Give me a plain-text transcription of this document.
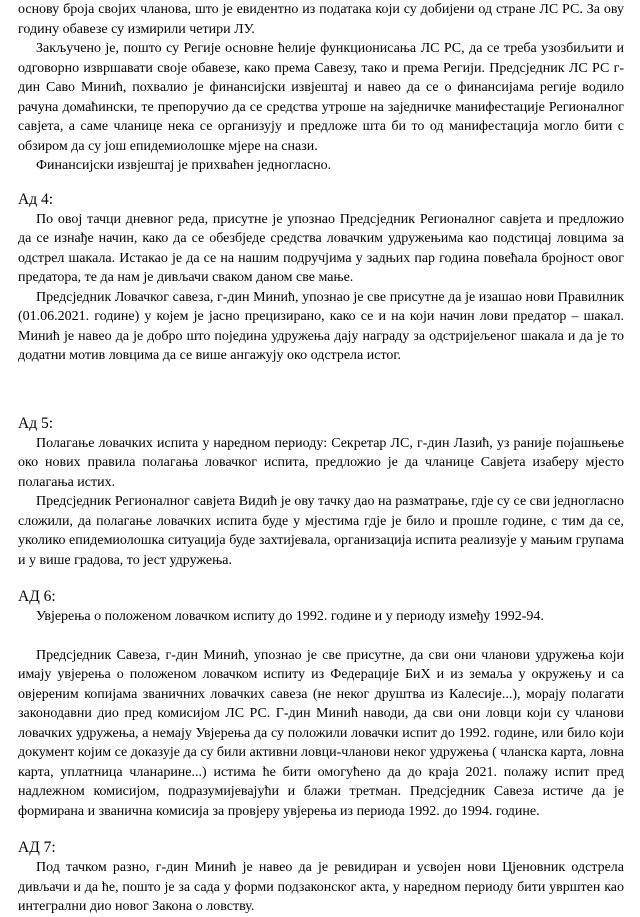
основу броја својих чланова, што је евидентно из података који су добијени од стране ЛС РС. За ову годину обавезе су измирили четири ЛУ.

Закључено је, пошто су Регије основне ћелије функционисања ЛС РС, да се треба узозбиљити и одговорно извршавати своје обавезе, како према Савезу, тако и према Регији. Предсједник ЛС РС г-дин Саво Минић, похвалио је финансијски извјештај и навео да се о финансијама регије водило рачуна домаћински, те препоручио да се средства утроше на заједничке манифестације Регионалног савјета, а саме чланице нека се организују и предложе шта би то од манифестација могло бити с обзиром да су још епидемиолошке мјере на снази.

Финансијски извјештај је прихваћен једногласно.

Ад 4:

По овој тачци дневног реда, присутне је упознао Предсједник Регионалног савјета и предложио да се изнађе начин, како да се обезбједе средства ловачким удружењима као подстицај ловцима за одстрел шакала. Истакао је да се на нашим подручјима у задњих пар година повећала бројност овог предатора, те да нам је дивљачи сваком даном све мање.

Предсједник Ловачког савеза, г-дин Минић, упознао је све присутне да је изашао нови Правилник (01.06.2021. године) у којем је јасно прецизирано, како се и на који начин лови предатор – шакал. Минић је навео да је добро што поједина удружења дају награду за одстријељеног шакала и да је то додатни мотив ловцима да се више ангажују око одстрела истог.

Ад 5:

Полагање ловачких испита у наредном периоду: Секретар ЛС, г-дин Лазић, уз раније појашњење око нових правила полагања ловачког испита, предложио је да чланице Савјета изаберу мјесто полагања истих.

Предсједник Регионалног савјета Видић је ову тачку дао на разматрање, гдје су се сви једногласно сложили, да полагање ловачких испита буде у мјестима гдје је било и прошле године, с тим да се, уколико епидемиолошка ситуација буде захтијевала, организација испита реализује у мањим групама и у више градова, то јест удружења.

АД 6:

Увјерења о положеном ловачком испиту до 1992. године и у периоду између 1992-94.

Предсједник Савеза, г-дин Минић, упознао је све присутне, да сви они чланови удружења који имају увјерења о положеном ловачком испиту из Федерације БиХ и из земаља у окружењу и са овјереним копијама званичних ловачких савеза (не неког друштва из Калесије...), морају полагати законодавни дио пред комисијом ЛС РС. Г-дин Минић наводи, да сви они ловци који су чланови ловачких удружења, а немају Увјерења да су положили ловачки испит до 1992. године, или било који документ којим се доказује да су били активни ловци-чланови неког удружења ( чланска карта, ловна карта, уплатница чланарине...) истима ће бити омогућено да до краја 2021. полажу испит пред надлежном комисијом, подразумијевајући и блажи третман. Предсједник Савеза истиче да је формирана и званична комисија за провјеру увјерења из периода 1992. до 1994. године.

АД 7:

Под тачком разно, г-дин Минић је навео да је ревидиран и усвојен нови Цјеновник одстрела дивљачи и да ће, пошто је за сада у форми подзаконског акта, у наредном периоду бити уврштен као интегрални дио новог Закона о ловству.
